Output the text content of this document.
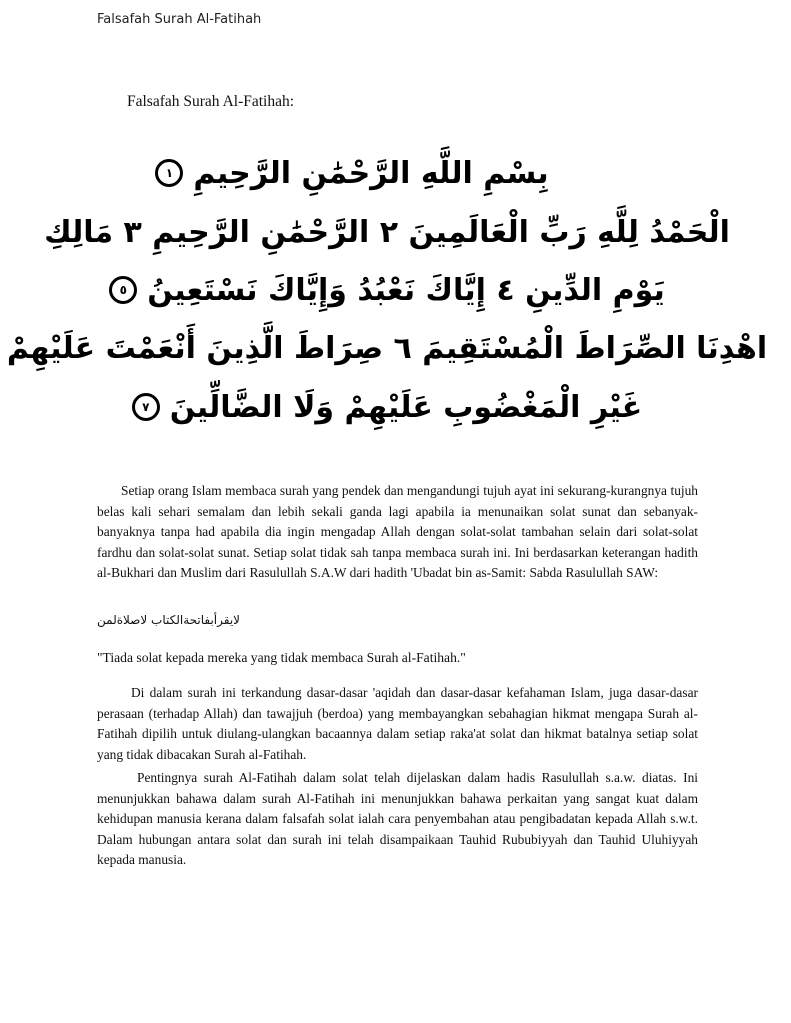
Falsafah Surah Al-Fatihah
Falsafah Surah Al-Fatihah:
بِسْمِ اللَّهِ الرَّحْمَٰنِ الرَّحِيمِ
١
الْحَمْدُ لِلَّهِ رَبِّ الْعَالَمِينَ ٢ الرَّحْمَٰنِ الرَّحِيمِ ٣ مَالِكِ
يَوْمِ الدِّينِ ٤ إِيَّاكَ نَعْبُدُ وَإِيَّاكَ نَسْتَعِينُ
٥
اهْدِنَا الصِّرَاطَ الْمُسْتَقِيمَ ٦ صِرَاطَ الَّذِينَ أَنْعَمْتَ عَلَيْهِمْ
غَيْرِ الْمَغْضُوبِ عَلَيْهِمْ وَلَا الضَّالِّينَ
٧

Setiap orang Islam membaca surah yang pendek dan mengandungi tujuh ayat ini sekurang-kurangnya tujuh belas kali sehari semalam dan lebih sekali ganda lagi apabila ia menunaikan solat sunat dan sebanyak-banyaknya tanpa had apabila dia ingin mengadap Allah dengan solat-solat tambahan selain dari solat-solat fardhu dan solat-solat sunat. Setiap solat tidak sah tanpa membaca surah ini. Ini berdasarkan keterangan hadith al-Bukhari dan Muslim dari Rasulullah S.A.W dari hadith 'Ubadat bin as-Samit: Sabda Rasulullah SAW:

لايقرأبفاتحةالكتاب لاصلاةلمن
"Tiada solat kepada mereka yang tidak membaca Surah al-Fatihah."

Di dalam surah ini terkandung dasar-dasar 'aqidah dan dasar-dasar kefahaman Islam, juga dasar-dasar perasaan (terhadap Allah) dan tawajjuh (berdoa) yang membayangkan sebahagian hikmat mengapa Surah al-Fatihah dipilih untuk diulang-ulangkan bacaannya dalam setiap raka'at solat dan hikmat batalnya setiap solat yang tidak dibacakan Surah al-Fatihah.

Pentingnya surah Al-Fatihah dalam solat telah dijelaskan dalam hadis Rasulullah s.a.w. diatas. Ini menunjukkan bahawa dalam surah Al-Fatihah ini menunjukkan bahawa perkaitan yang sangat kuat dalam kehidupan manusia kerana dalam falsafah solat ialah cara penyembahan atau pengibadatan kepada Allah s.w.t. Dalam hubungan antara solat dan surah ini telah disampaikaan Tauhid Rububiyyah dan Tauhid Uluhiyyah kepada manusia.
